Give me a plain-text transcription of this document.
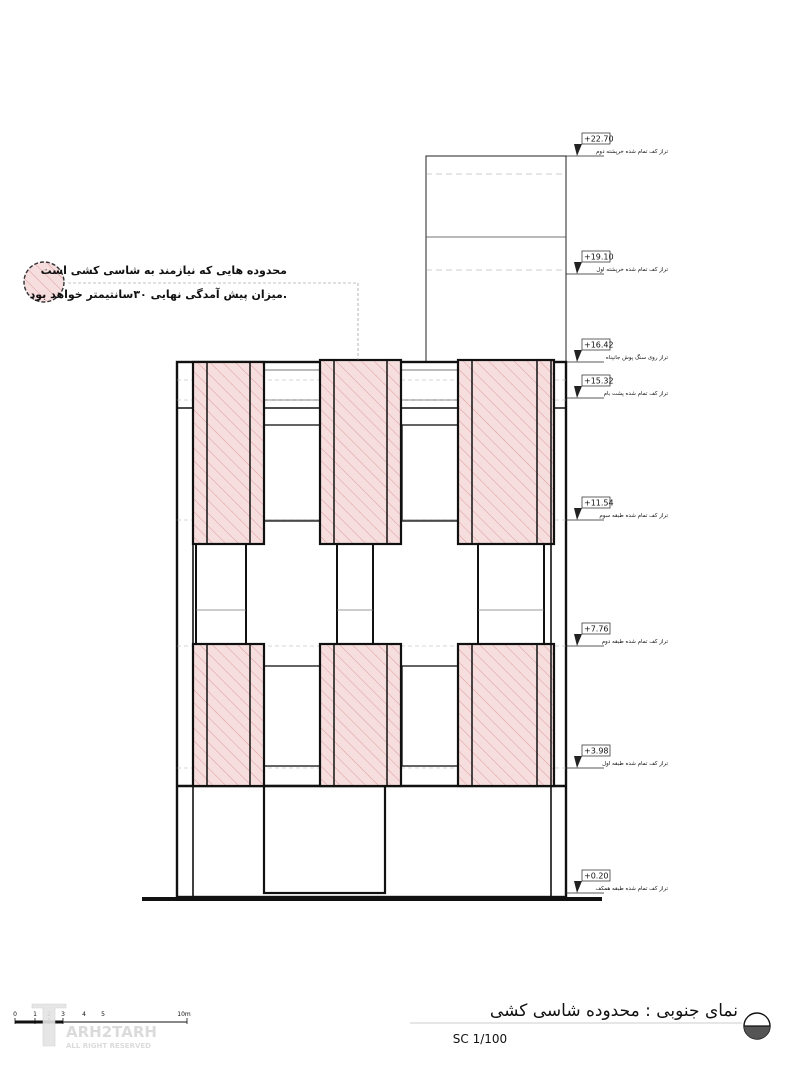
محدوده هایی که نیازمند به شاسی کشی است
میزان پیش آمدگی نهایی ۳۰سانتیمتر خواهد بود.
+22.70
تراز کف تمام شده خرپشته دوم
+19.10
تراز کف تمام شده خرپشته اول
+16.42
تراز روی سنگ پوش جانپناه
+15.32
تراز کف تمام شده پشت بام
+11.54
تراز کف تمام شده طبقه سوم
+7.76
تراز کف تمام شده طبقه دوم
+3.98
تراز کف تمام شده طبقه اول
+0.20
تراز کف تمام شده طبقه همکف
0	1	3	4	5	10m
ARH2TARH
ALL RIGHT RESERVED
نمای جنوبی : محدوده شاسی کشی
SC 1/100
